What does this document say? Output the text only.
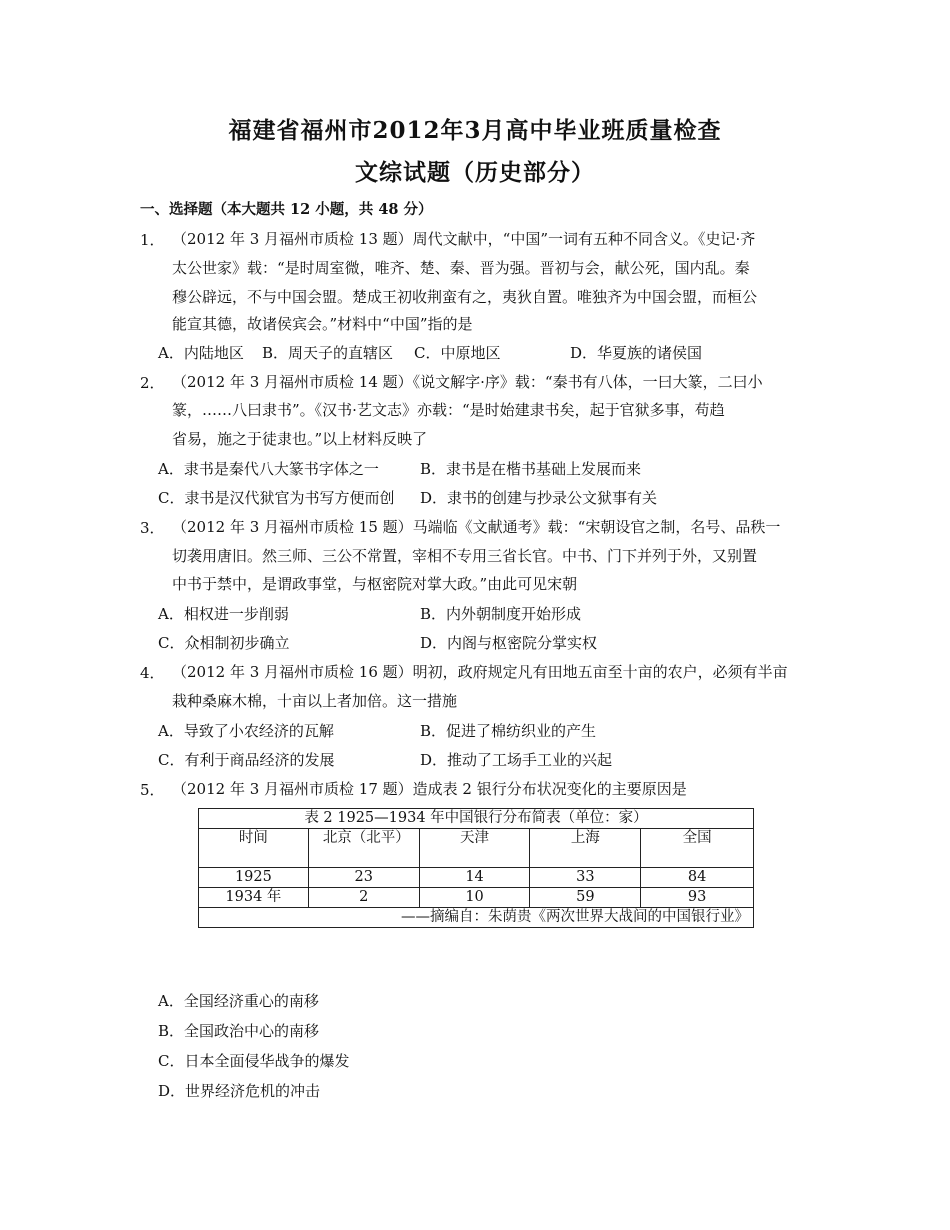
福建省福州市2012年3月高中毕业班质量检查
文综试题（历史部分）
一、选择题（本大题共 12 小题，共 48 分）
1． （2012 年 3 月福州市质检 13 题）周代文献中，“中国”一词有五种不同含义。《史记·齐
太公世家》载：“是时周室微，唯齐、楚、秦、晋为强。晋初与会，献公死，国内乱。秦
穆公辟远，不与中国会盟。楚成王初收荆蛮有之，夷狄自置。唯独齐为中国会盟，而桓公
能宣其德，故诸侯宾会。”材料中“中国”指的是
A．内陆地区 B．周天子的直辖区 C．中原地区	D．华夏族的诸侯国
2． （2012 年 3 月福州市质检 14 题）《说文解字·序》载：“秦书有八体，一曰大篆，二曰小
篆，……八曰隶书”。《汉书·艺文志》亦载：“是时始建隶书矣，起于官狱多事，苟趋
省易，施之于徒隶也。”以上材料反映了
A．隶书是秦代八大篆书字体之一	B．隶书是在楷书基础上发展而来
C．隶书是汉代狱官为书写方便而创 D．隶书的创建与抄录公文狱事有关
3． （2012 年 3 月福州市质检 15 题）马端临《文献通考》载：“宋朝设官之制，名号、品秩一
切袭用唐旧。然三师、三公不常置，宰相不专用三省长官。中书、门下并列于外，又别置
中书于禁中，是谓政事堂，与枢密院对掌大政。”由此可见宋朝
A．相权进一步削弱	B．内外朝制度开始形成
C．众相制初步确立	D．内阁与枢密院分掌实权
4． （2012 年 3 月福州市质检 16 题）明初，政府规定凡有田地五亩至十亩的农户，必须有半亩
栽种桑麻木棉，十亩以上者加倍。这一措施
A．导致了小农经济的瓦解	B．促进了棉纺织业的产生
C．有利于商品经济的发展	D．推动了工场手工业的兴起
5． （2012 年 3 月福州市质检 17 题）造成表 2 银行分布状况变化的主要原因是
表 2 1925—1934 年中国银行分布简表（单位：家）				
时间	北京（北平）	天津	上海	全国
1925	23	14	33	84
1934 年	2	10	59	93
——摘编自：朱荫贵《两次世界大战间的中国银行业》				
A．全国经济重心的南移
B．全国政治中心的南移
C．日本全面侵华战争的爆发
D．世界经济危机的冲击
